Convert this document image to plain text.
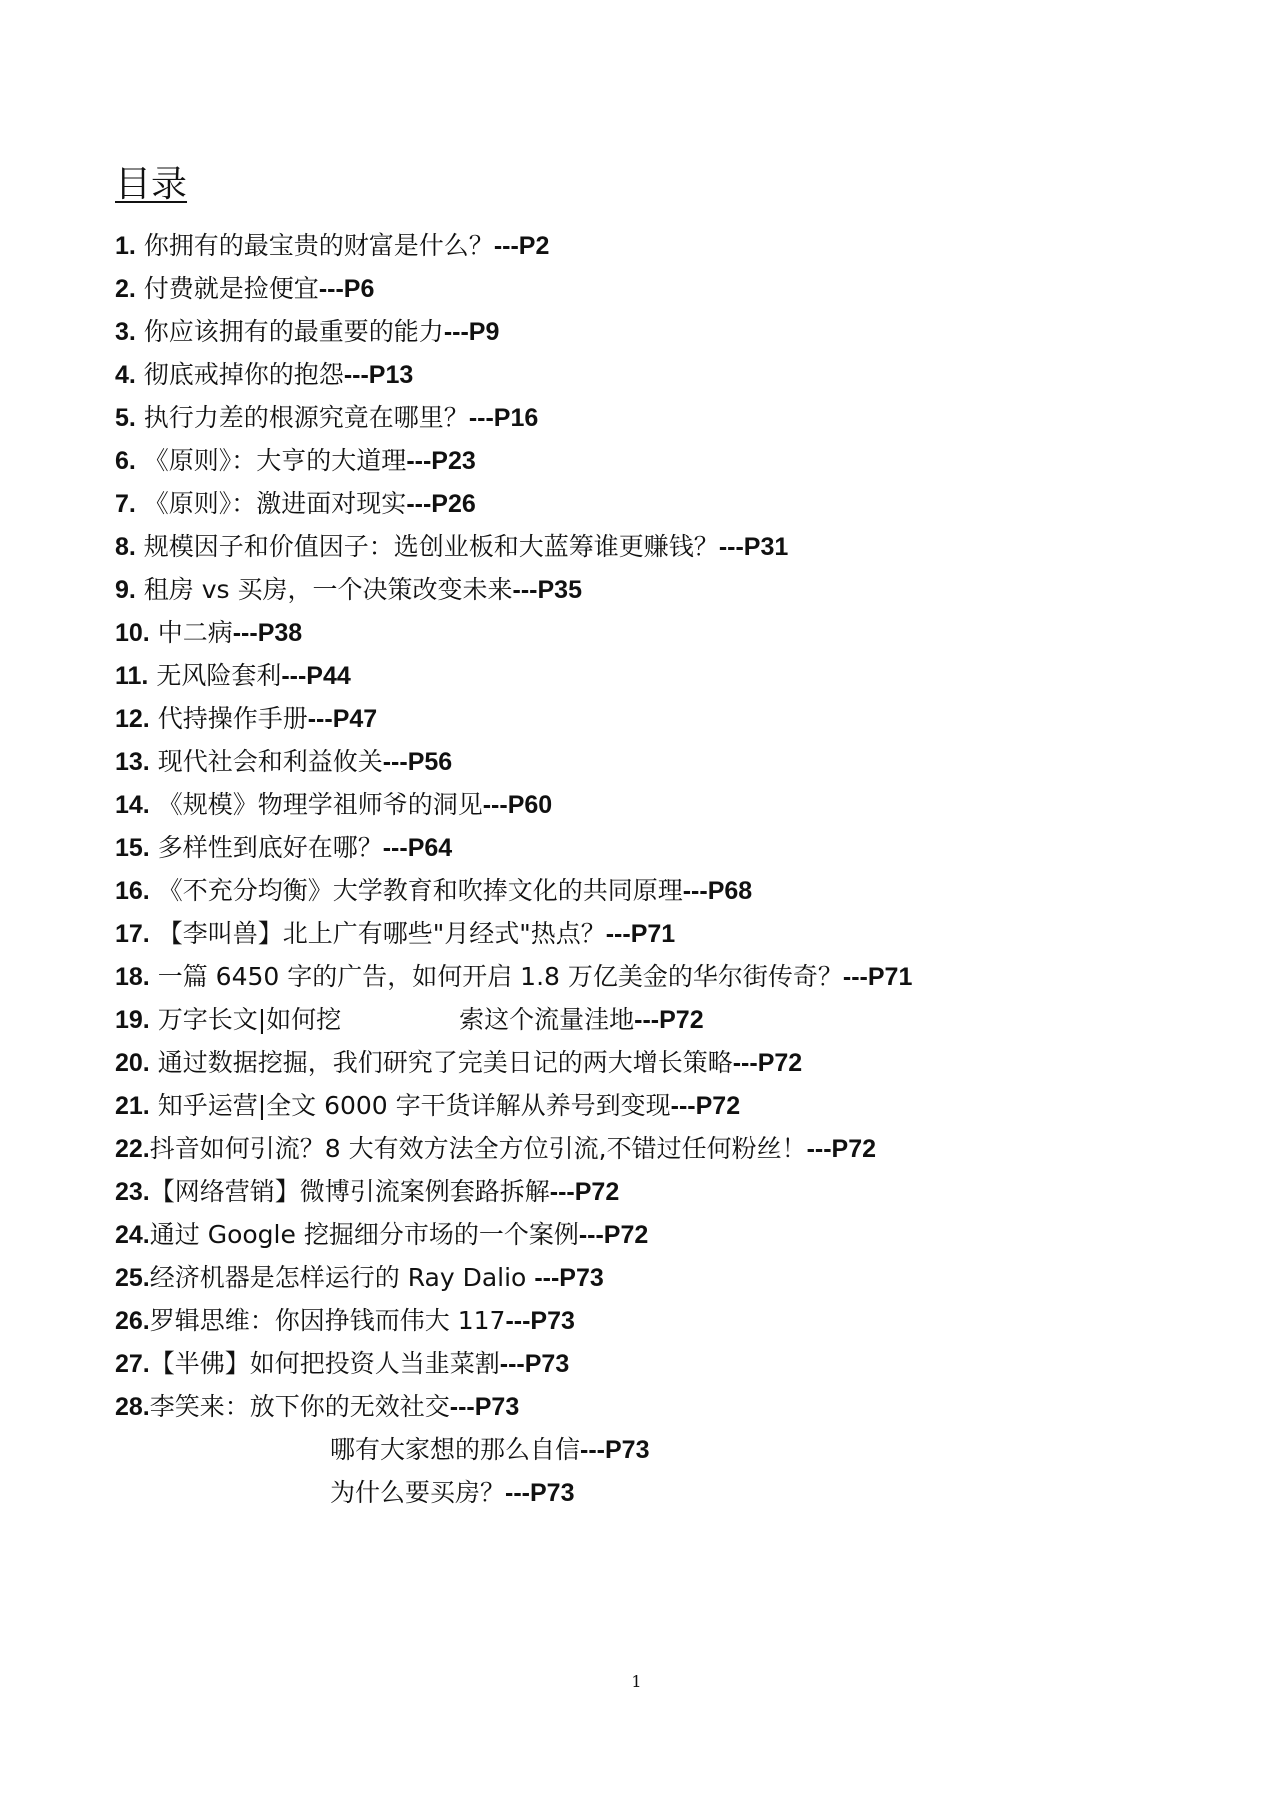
目录
1. 你拥有的最宝贵的财富是什么？---P2
2. 付费就是捡便宜---P6
3. 你应该拥有的最重要的能力---P9
4. 彻底戒掉你的抱怨---P13
5. 执行力差的根源究竟在哪里？---P16
6. 《原则》：大亨的大道理---P23
7. 《原则》：激进面对现实---P26
8. 规模因子和价值因子：选创业板和大蓝筹谁更赚钱？---P31
9. 租房 vs 买房，一个决策改变未来---P35
10. 中二病---P38
11. 无风险套利---P44
12. 代持操作手册---P47
13. 现代社会和利益攸关---P56
14. 《规模》物理学祖师爷的洞见---P60
15. 多样性到底好在哪？---P64
16. 《不充分均衡》大学教育和吹捧文化的共同原理---P68
17. 【李叫兽】北上广有哪些"月经式"热点？---P71
18. 一篇 6450 字的广告，如何开启 1.8 万亿美金的华尔街传奇？---P71
19. 万字长文|如何挖	索这个流量洼地---P72
20. 通过数据挖掘，我们研究了完美日记的两大增长策略---P72
21. 知乎运营|全文 6000 字干货详解从养号到变现---P72
22.抖音如何引流？8 大有效方法全方位引流,不错过任何粉丝！---P72
23.【网络营销】微博引流案例套路拆解---P72
24.通过 Google 挖掘细分市场的一个案例---P72
25.经济机器是怎样运行的 Ray Dalio ---P73
26.罗辑思维：你因挣钱而伟大 117---P73
27.【半佛】如何把投资人当韭菜割---P73
28.李笑来：放下你的无效社交---P73
哪有大家想的那么自信---P73
为什么要买房？---P73
1
